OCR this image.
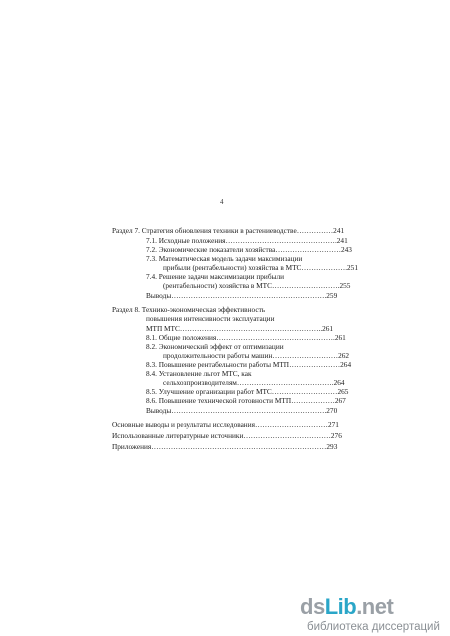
4
Раздел 7. Стратегия обновления техники в растениеводстве……………241
7.1. Исходные положения……………………………………….241
7.2. Экономические показатели хозяйства………………………243
7.3. Математическая модель задачи максимизации
прибыли (рентабельности) хозяйства в МТС……………….251
7.4. Решение задачи максимизации прибыли
(рентабельности) хозяйства в МТС……………………….255
Выводы……………………………………………………….259
Раздел 8. Технико-экономическая эффективность
повышения интенсивности эксплуатации
МТП МТС…………………………………………………..261
8.1. Общие положения………………………………………….261
8.2. Экономический эффект от оптимизации
продолжительности работы машин………………………262
8.3. Повышение рентабельности работы МТП…………………264
8.4. Установление льгот МТС, как
сельхозпроизводителям………………………………….264
8.5. Улучшение организации работ МТС………………………265
8.6. Повышение технической готовности МТП………………267
Выводы……………………………………………………….270
Основные выводы и результаты исследования…………………………271
Использованные литературные источники………………………………276
Приложения………………………………………………………………293
dsLib.net
библиотека диссертаций
